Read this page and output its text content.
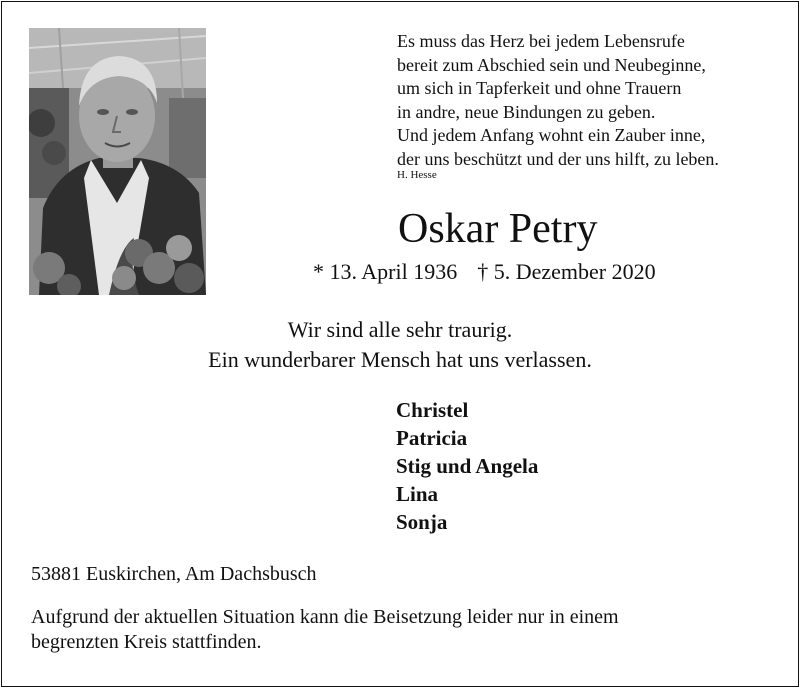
Es muss das Herz bei jedem Lebensrufe
bereit zum Abschied sein und Neubeginne,
um sich in Tapferkeit und ohne Trauern
in andre, neue Bindungen zu geben.
Und jedem Anfang wohnt ein Zauber inne,
der uns beschützt und der uns hilft, zu leben.
H. Hesse
Oskar Petry
* 13. April 1936 † 5. Dezember 2020
Wir sind alle sehr traurig.
Ein wunderbarer Mensch hat uns verlassen.
Christel
Patricia
Stig und Angela
Lina
Sonja
53881 Euskirchen, Am Dachsbusch
Aufgrund der aktuellen Situation kann die Beisetzung leider nur in einem
begrenzten Kreis stattfinden.
